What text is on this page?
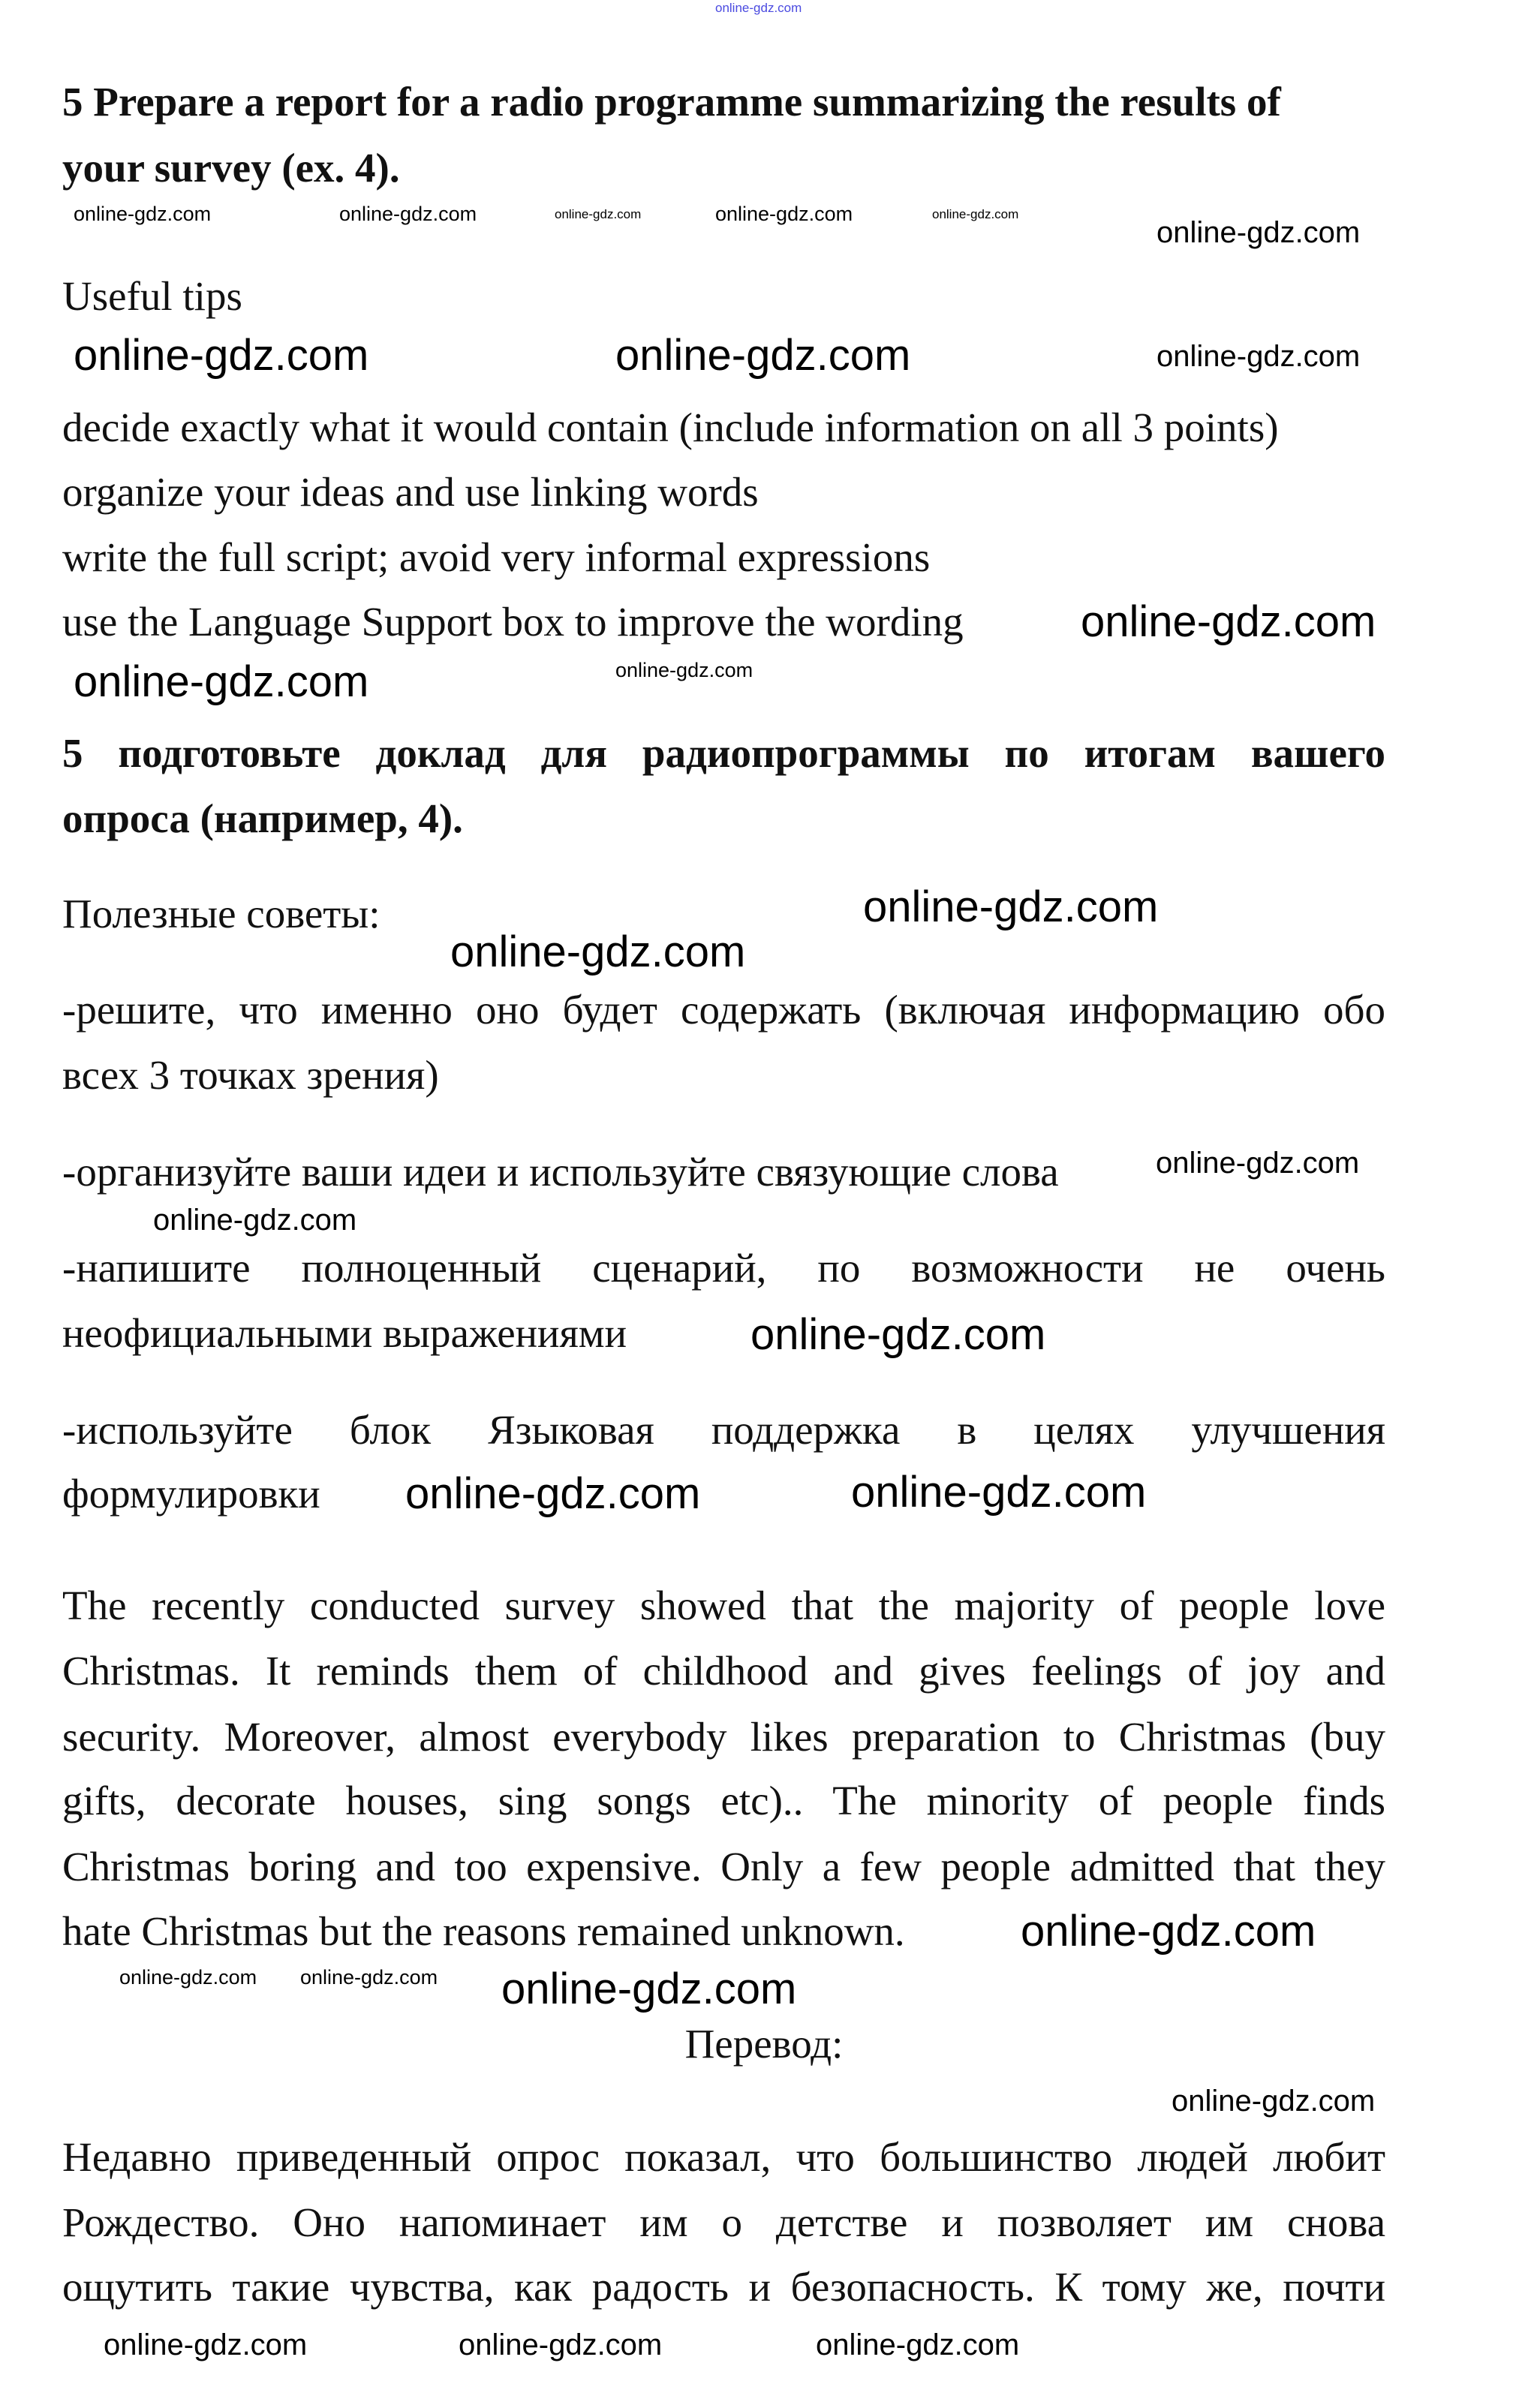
5 Prepare a report for a radio programme summarizing the results of
your survey (ex. 4).
Useful tips
decide exactly what it would contain (include information on all 3 points)
organize your ideas and use linking words
write the full script; avoid very informal expressions
use the Language Support box to improve the wording
5 подготовьте доклад для радиопрограммы по итогам вашего
опроса (например, 4).
Полезные советы:
-решите, что именно оно будет содержать (включая информацию обо
всех 3 точках зрения)
-организуйте ваши идеи и используйте связующие слова
-напишите полноценный сценарий, по возможности не очень
неофициальными выражениями
-используйте блок Языковая поддержка в целях улучшения
формулировки
The recently conducted survey showed that the majority of people love
Christmas. It reminds them of childhood and gives feelings of joy and
security. Moreover, almost everybody likes preparation to Christmas (buy
gifts, decorate houses, sing songs etc).. The minority of people finds
Christmas boring and too expensive. Only a few people admitted that they
hate Christmas but the reasons remained unknown.
Перевод:
Недавно приведенный опрос показал, что большинство людей любит
Рождество. Оно напоминает им о детстве и позволяет им снова
ощутить такие чувства, как радость и безопасность. К тому же, почти
online-gdz.com
online-gdz.com	online-gdz.com	online-gdz.com	online-gdz.com	online-gdz.com
online-gdz.com
online-gdz.com	online-gdz.com	online-gdz.com
online-gdz.com
online-gdz.com
online-gdz.com
online-gdz.com
online-gdz.com
online-gdz.com
online-gdz.com
online-gdz.com
online-gdz.com
online-gdz.com
online-gdz.com
online-gdz.com
online-gdz.com online-gdz.com
online-gdz.com
online-gdz.com	online-gdz.com	online-gdz.com
